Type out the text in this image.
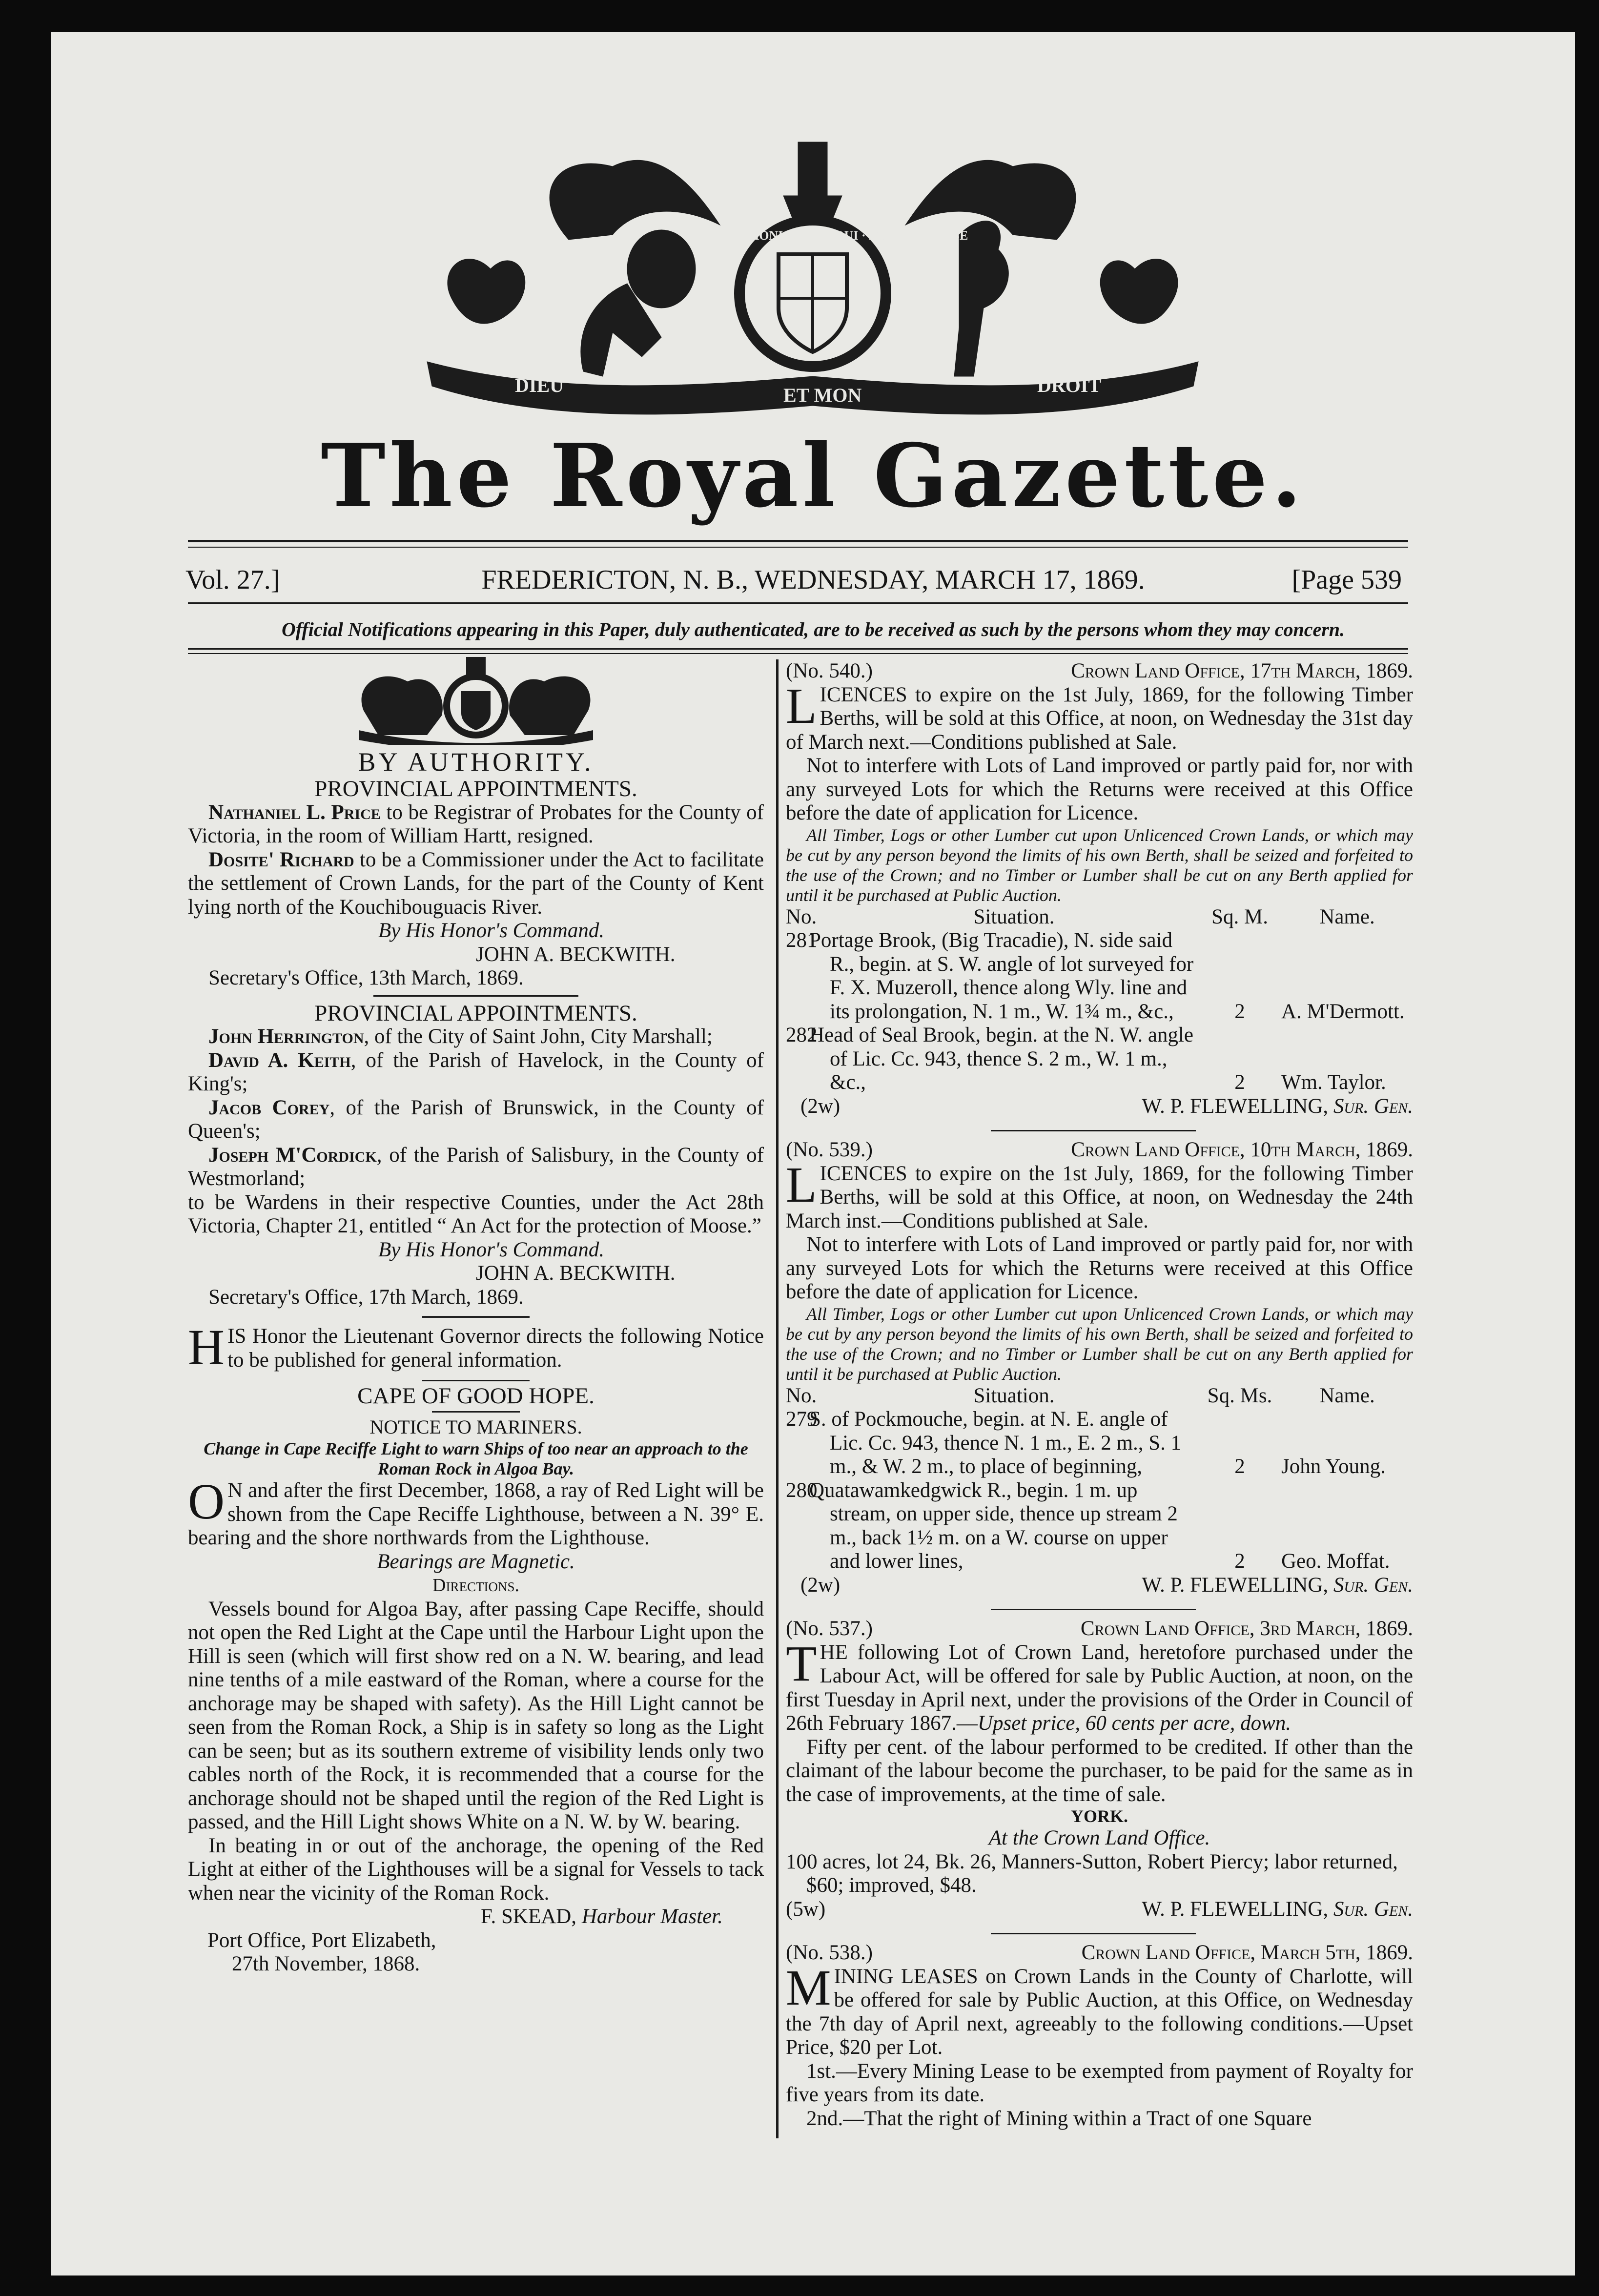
DIEU	ET MON	DROIT
HONI · SOIT · QUI · MAL · Y · PENSE
The Royal Gazette.
Vol. 27.]	FREDERICTON, N. B., WEDNESDAY, MARCH 17, 1869.	[Page 539
Official Notifications appearing in this Paper, duly authenticated, are to be received as such by the persons whom they may concern.

BY AUTHORITY.

PROVINCIAL APPOINTMENTS.

Nathaniel L. Price to be Registrar of Probates for the County of Victoria, in the room of William Hartt, resigned.

Dosite' Richard to be a Commissioner under the Act to facilitate the settlement of Crown Lands, for the part of the County of Kent lying north of the Kouchibouguacis River.

By His Honor's Command.

JOHN A. BECKWITH.

Secretary's Office, 13th March, 1869.

PROVINCIAL APPOINTMENTS.

John Herrington, of the City of Saint John, City Marshall;

David A. Keith, of the Parish of Havelock, in the County of King's;

Jacob Corey, of the Parish of Brunswick, in the County of Queen's;

Joseph M'Cordick, of the Parish of Salisbury, in the County of Westmorland;

to be Wardens in their respective Counties, under the Act 28th Victoria, Chapter 21, entitled “ An Act for the protection of Moose.”

By His Honor's Command.

JOHN A. BECKWITH.

Secretary's Office, 17th March, 1869.

HIS Honor the Lieutenant Governor directs the following Notice to be published for general information.

CAPE OF GOOD HOPE.

NOTICE TO MARINERS.

Change in Cape Reciffe Light to warn Ships of too near an approach to the Roman Rock in Algoa Bay.

O N and after the first December, 1868, a ray of Red Light will be shown from the Cape Reciffe Lighthouse, between a N. 39° E. bearing and the shore northwards from the Lighthouse.

Bearings are Magnetic.

Directions.

Vessels bound for Algoa Bay, after passing Cape Reciffe, should not open the Red Light at the Cape until the Harbour Light upon the Hill is seen (which will first show red on a N. W. bearing, and lead nine tenths of a mile eastward of the Roman, where a course for the anchorage may be shaped with safety). As the Hill Light cannot be seen from the Roman Rock, a Ship is in safety so long as the Light can be seen; but as its southern extreme of visibility lends only two cables north of the Rock, it is recommended that a course for the anchorage should not be shaped until the region of the Red Light is passed, and the Hill Light shows White on a N. W. by W. bearing.

In beating in or out of the anchorage, the opening of the Red Light at either of the Lighthouses will be a signal for Vessels to tack when near the vicinity of the Roman Rock.

F. SKEAD, Harbour Master.

Port Office, Port Elizabeth,

27th November, 1868.

(No. 540.)	Crown Land Office, 17th March, 1869.

LICENCES to expire on the 1st July, 1869, for the following Timber Berths, will be sold at this Office, at noon, on Wednesday the 31st day of March next.—Conditions published at Sale.

Not to interfere with Lots of Land improved or partly paid for, nor with any surveyed Lots for which the Returns were received at this Office before the date of application for Licence.

All Timber, Logs or other Lumber cut upon Unlicenced Crown Lands, or which may be cut by any person beyond the limits of his own Berth, shall be seized and forfeited to the use of the Crown; and no Timber or Lumber shall be cut on any Berth applied for until it be purchased at Public Auction.

No.	Situation.	Sq. M.	Name.
281	Portage Brook, (Big Tracadie), N. side said R., begin. at S. W. angle of lot surveyed for F. X. Muzeroll, thence along Wly. line and its prolongation, N. 1 m., W. 1¾ m., &c.,	2	A. M'Dermott.
282	Head of Seal Brook, begin. at the N. W. angle of Lic. Cc. 943, thence S. 2 m., W. 1 m., &c.,	2	Wm. Taylor.

(2w)	W. P. FLEWELLING, Sur. Gen.

(No. 539.)	Crown Land Office, 10th March, 1869.

LICENCES to expire on the 1st July, 1869, for the following Timber Berths, will be sold at this Office, at noon, on Wednesday the 24th March inst.—Conditions published at Sale.

Not to interfere with Lots of Land improved or partly paid for, nor with any surveyed Lots for which the Returns were received at this Office before the date of application for Licence.

All Timber, Logs or other Lumber cut upon Unlicenced Crown Lands, or which may be cut by any person beyond the limits of his own Berth, shall be seized and forfeited to the use of the Crown; and no Timber or Lumber shall be cut on any Berth applied for until it be purchased at Public Auction.

No.	Situation.	Sq. Ms.	Name.
279	S. of Pockmouche, begin. at N. E. angle of Lic. Cc. 943, thence N. 1 m., E. 2 m., S. 1 m., & W. 2 m., to place of beginning,	2	John Young.
280	Quatawamkedgwick R., begin. 1 m. up stream, on upper side, thence up stream 2 m., back 1½ m. on a W. course on upper and lower lines,	2	Geo. Moffat.

(2w)	W. P. FLEWELLING, Sur. Gen.

(No. 537.)	Crown Land Office, 3rd March, 1869.

THE following Lot of Crown Land, heretofore purchased under the Labour Act, will be offered for sale by Public Auction, at noon, on the first Tuesday in April next, under the provisions of the Order in Council of 26th February 1867.—Upset price, 60 cents per acre, down.

Fifty per cent. of the labour performed to be credited. If other than the claimant of the labour become the purchaser, to be paid for the same as in the case of improvements, at the time of sale.

YORK.

At the Crown Land Office.

100 acres, lot 24, Bk. 26, Manners-Sutton, Robert Piercy; labor returned, $60; improved, $48.

(5w)	W. P. FLEWELLING, Sur. Gen.

(No. 538.)	Crown Land Office, March 5th, 1869.

MINING LEASES on Crown Lands in the County of Charlotte, will be offered for sale by Public Auction, at this Office, on Wednesday the 7th day of April next, agreeably to the following conditions.—Upset Price, $20 per Lot.

1st.—Every Mining Lease to be exempted from payment of Royalty for five years from its date.

2nd.—That the right of Mining within a Tract of one Square
